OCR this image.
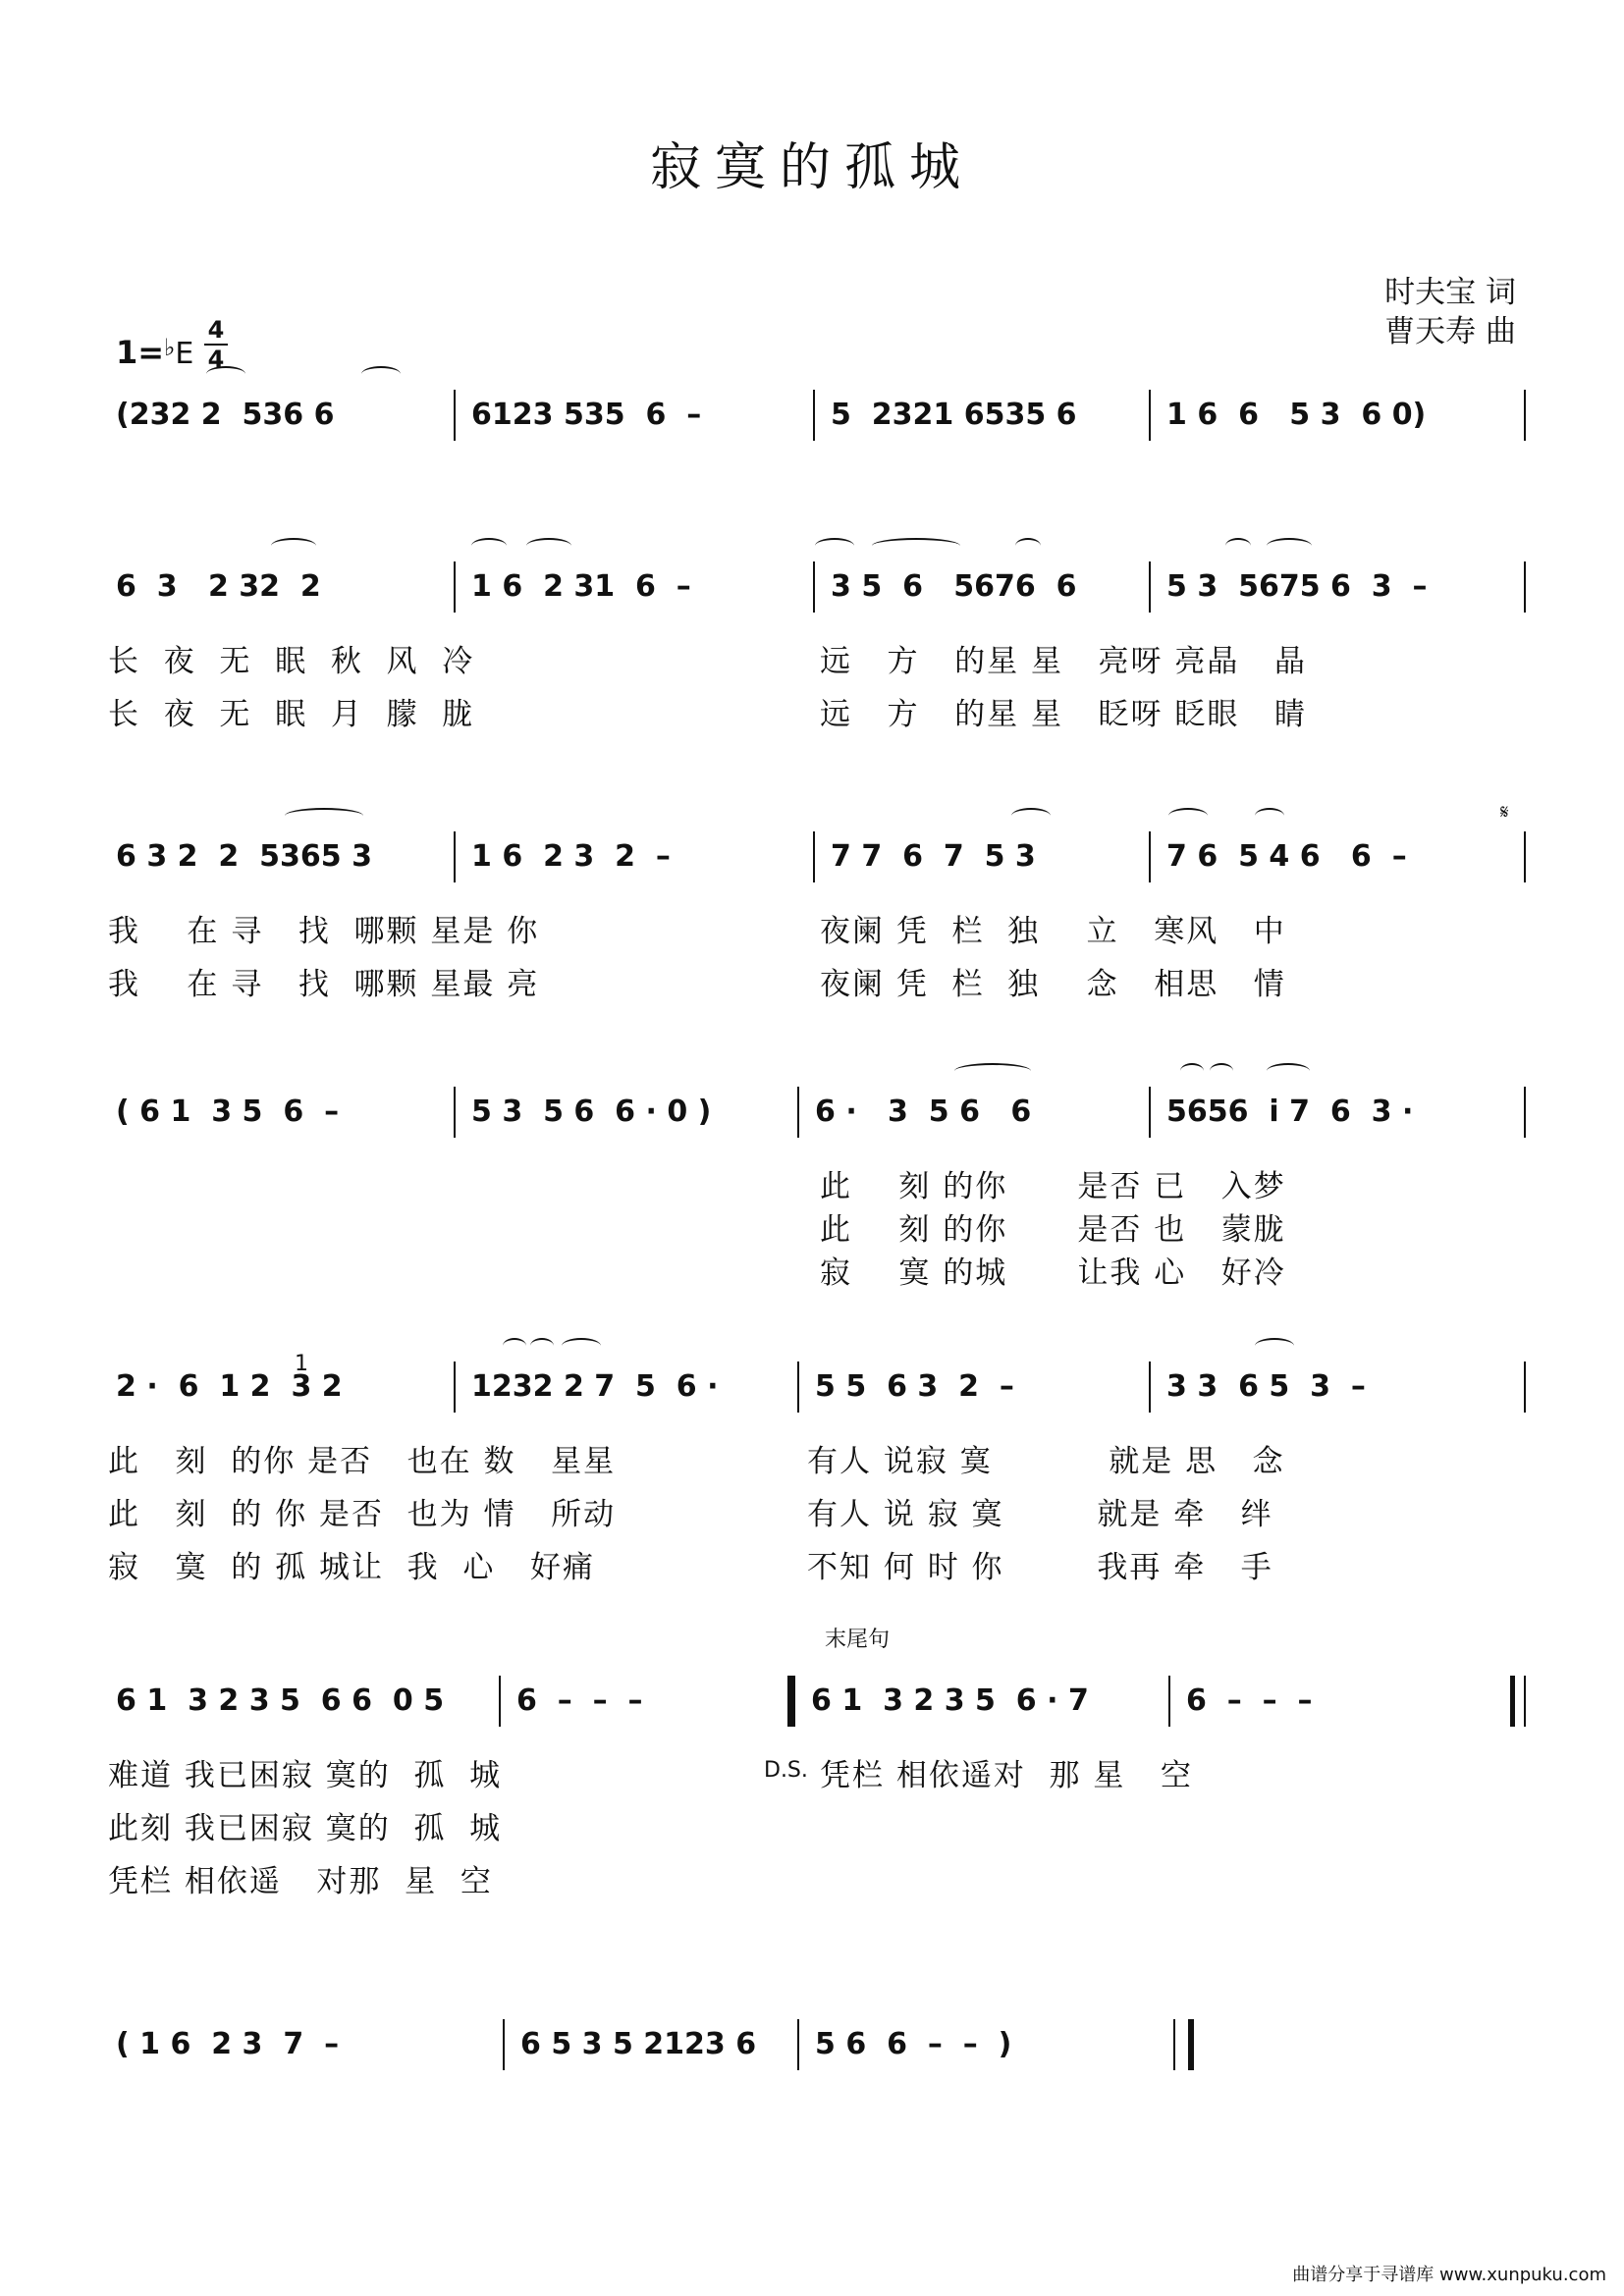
寂寞的孤城
时夫宝 词
曹天寿 曲
1=♭E
4
4
(232 2  536 6	6123 535  6  –	5  2321 6535 6	1 6  6   5 3  6 0)
6  3   2 32  2	1 6  2 31  6  –	3 5  6   5676  6	5 3  5675 6  3  –
长  夜  无  眠  秋  风  冷	远   方   的星 星   亮呀 亮晶   晶
长  夜  无  眠  月  朦  胧	远   方   的星 星   眨呀 眨眼   睛
6 3 2  2  5365 3	1 6  2 3  2  –	7 7  6  7  5 3	7 6  5 4 6   6  –
我    在 寻   找  哪颗 星是 你	夜阑 凭  栏  独    立   寒风   中
我    在 寻   找  哪颗 星最 亮	夜阑 凭  栏  独    念   相思   情
( 6 1  3 5  6  –	5 3  5 6  6 · 0 )	6 ·   3  5 6   6	5656  i 7  6  3 ·
此    刻 的你      是否 已   入梦
此    刻 的你      是否 也   蒙胧
寂    寞 的城      让我 心   好冷
2 ·  6  1 2  3 2	1232 2 7  5  6 ·	5 5  6 3  2  –	3 3  6 5  3  –
1
此   刻  的你 是否   也在 数   星星	有人 说寂 寞          就是 思   念
此   刻  的 你 是否  也为 情   所动	有人 说 寂 寞        就是 牵   绊
寂   寞  的 孤 城让  我  心   好痛	不知 何 时 你        我再 牵   手
6 1  3 2 3 5  6 6  0 5 6  –  –  –	6 1  3 2 3 5  6 · 7	6  –  –  –
末尾句
D.S.
难道 我已困寂 寞的  孤  城	凭栏 相依遥对  那 星   空
此刻 我已困寂 寞的  孤  城
凭栏 相依遥   对那  星  空
( 1 6  2 3  7  –	6 5 3 5 2123 6 5 6  6  –  –  )
曲谱分享于寻谱库 www.xunpuku.com
𝄋
